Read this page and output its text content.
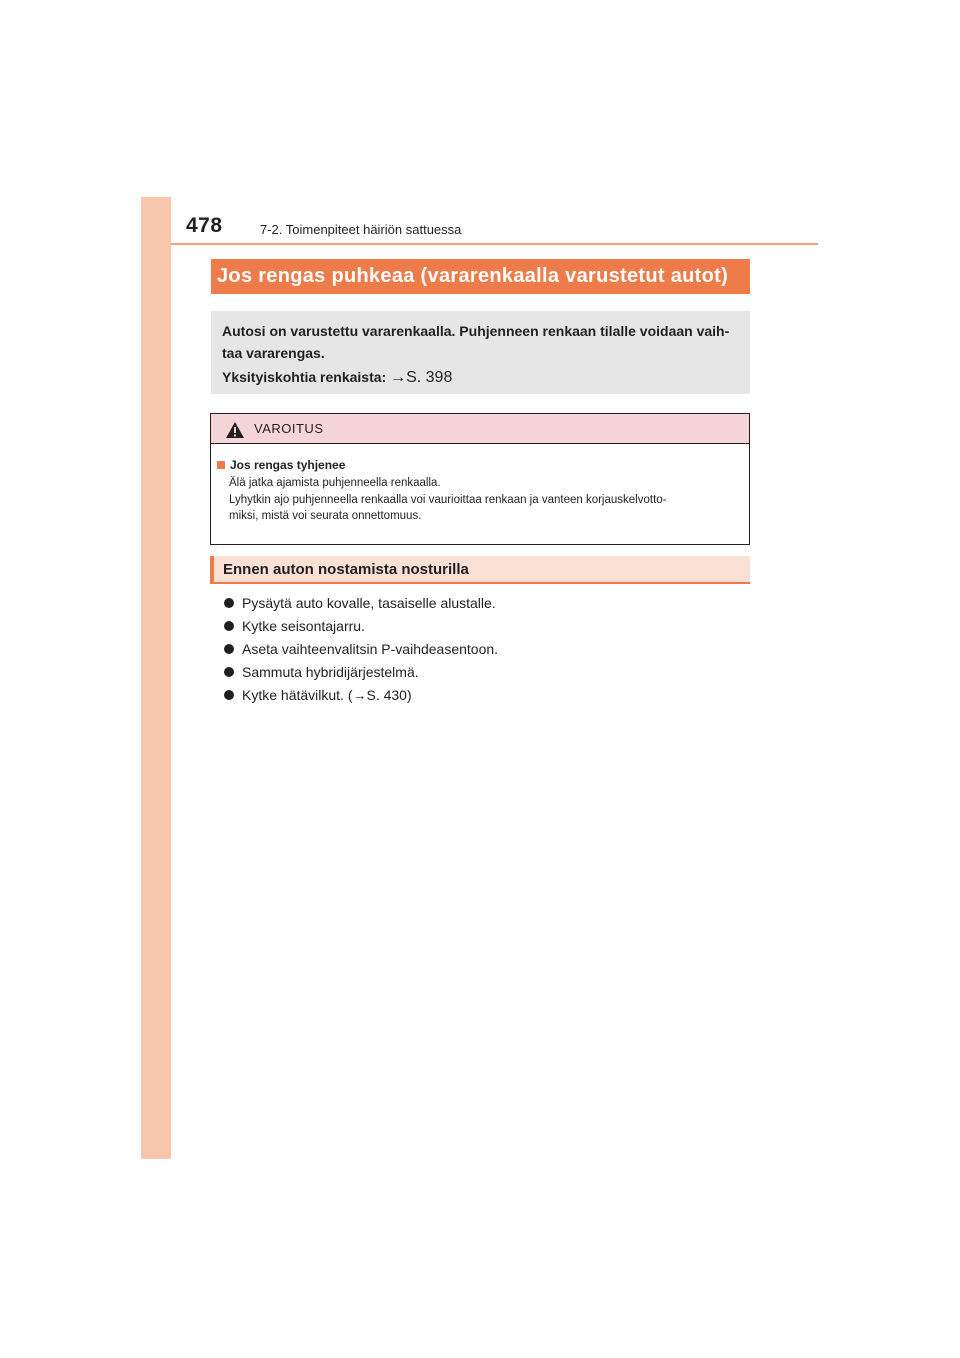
478	7-2. Toimenpiteet häiriön sattuessa
Jos rengas puhkeaa (vararenkaalla varustetut autot)
Autosi on varustettu vararenkaalla. Puhjenneen renkaan tilalle voidaan vaih-taa vararengas.
Yksityiskohtia renkaista: →S. 398
VAROITUS
Jos rengas tyhjenee
Älä jatka ajamista puhjenneella renkaalla.
Lyhytkin ajo puhjenneella renkaalla voi vaurioittaa renkaan ja vanteen korjauskelvotto-
miksi, mistä voi seurata onnettomuus.
Ennen auton nostamista nosturilla
Pysäytä auto kovalle, tasaiselle alustalle.
Kytke seisontajarru.
Aseta vaihteenvalitsin P-vaihdeasentoon.
Sammuta hybridijärjestelmä.
Kytke hätävilkut. (→S. 430)
